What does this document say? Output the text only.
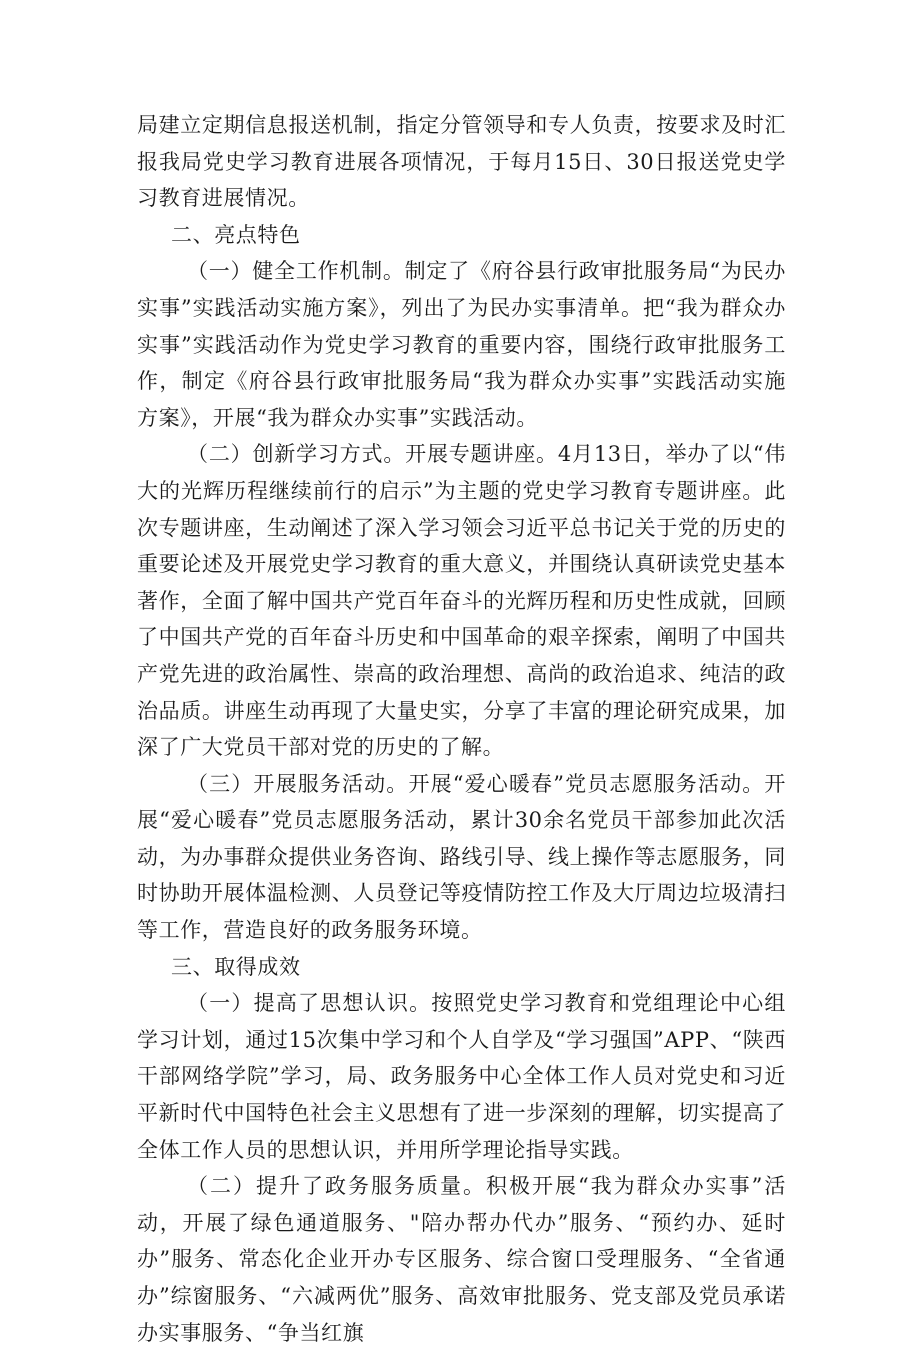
局建立定期信息报送机制，指定分管领导和专人负责，按要求及时汇报我局党史学习教育进展各项情况，于每月15日、30日报送党史学习教育进展情况。

二、亮点特色

（一）健全工作机制。制定了《府谷县行政审批服务局“为民办实事”实践活动实施方案》，列出了为民办实事清单。把“我为群众办实事”实践活动作为党史学习教育的重要内容，围绕行政审批服务工作，制定《府谷县行政审批服务局“我为群众办实事”实践活动实施方案》，开展“我为群众办实事”实践活动。

（二）创新学习方式。开展专题讲座。4月13日，举办了以“伟大的光辉历程继续前行的启示”为主题的党史学习教育专题讲座。此次专题讲座，生动阐述了深入学习领会习近平总书记关于党的历史的重要论述及开展党史学习教育的重大意义，并围绕认真研读党史基本著作，全面了解中国共产党百年奋斗的光辉历程和历史性成就，回顾了中国共产党的百年奋斗历史和中国革命的艰辛探索，阐明了中国共产党先进的政治属性、崇高的政治理想、高尚的政治追求、纯洁的政治品质。讲座生动再现了大量史实，分享了丰富的理论研究成果，加深了广大党员干部对党的历史的了解。

（三）开展服务活动。开展“爱心暖春”党员志愿服务活动。开展“爱心暖春”党员志愿服务活动，累计30余名党员干部参加此次活动，为办事群众提供业务咨询、路线引导、线上操作等志愿服务，同时协助开展体温检测、人员登记等疫情防控工作及大厅周边垃圾清扫等工作，营造良好的政务服务环境。

三、取得成效

（一）提高了思想认识。按照党史学习教育和党组理论中心组学习计划，通过15次集中学习和个人自学及“学习强国”APP、“陕西干部网络学院”学习，局、政务服务中心全体工作人员对党史和习近平新时代中国特色社会主义思想有了进一步深刻的理解，切实提高了全体工作人员的思想认识，并用所学理论指导实践。

（二）提升了政务服务质量。积极开展“我为群众办实事”活动，开展了绿色通道服务、"陪办帮办代办”服务、“预约办、延时办”服务、常态化企业开办专区服务、综合窗口受理服务、“全省通办”综窗服务、“六减两优”服务、高效审批服务、党支部及党员承诺办实事服务、“争当红旗
